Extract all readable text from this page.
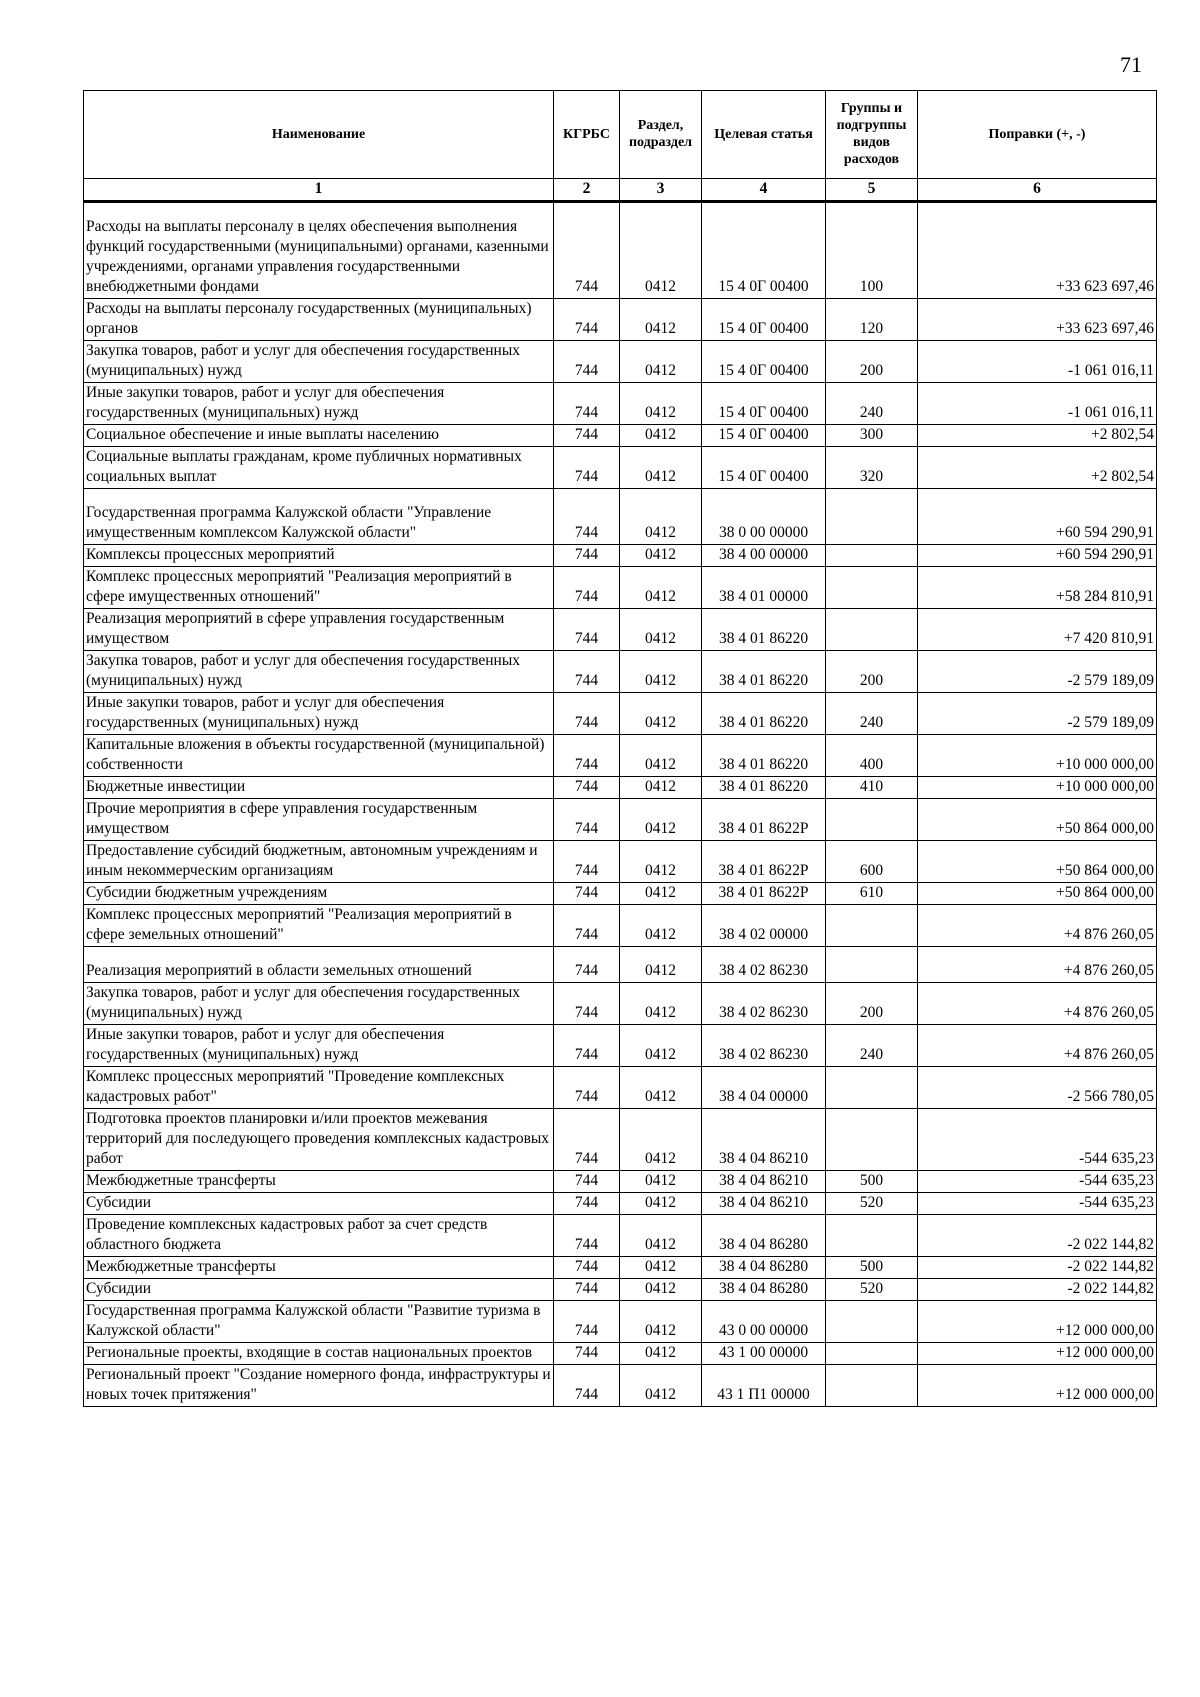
71
Наименование	КГРБС	Раздел, подраздел	Целевая статья	Группы и подгруппы видов расходов	Поправки (+, -)
1	2	3	4	5	6

Расходы на выплаты персоналу в целях обеспечения выполнения функций государственными (муниципальными) органами, казенными учреждениями, органами управления государственными внебюджетными фондами	744	0412	15 4 0Г 00400	100	+33 623 697,46
Расходы на выплаты персоналу государственных (муниципальных) органов	744	0412	15 4 0Г 00400	120	+33 623 697,46
Закупка товаров, работ и услуг для обеспечения государственных (муниципальных) нужд	744	0412	15 4 0Г 00400	200	-1 061 016,11
Иные закупки товаров, работ и услуг для обеспечения государственных (муниципальных) нужд	744	0412	15 4 0Г 00400	240	-1 061 016,11
Социальное обеспечение и иные выплаты населению	744	0412	15 4 0Г 00400	300	+2 802,54
Социальные выплаты гражданам, кроме публичных нормативных социальных выплат	744	0412	15 4 0Г 00400	320	+2 802,54

Государственная программа Калужской области "Управление имущественным комплексом Калужской области"	744	0412	38 0 00 00000		+60 594 290,91
Комплексы процессных мероприятий	744	0412	38 4 00 00000		+60 594 290,91
Комплекс процессных мероприятий "Реализация мероприятий в сфере имущественных отношений"	744	0412	38 4 01 00000		+58 284 810,91
Реализация мероприятий в сфере управления государственным имуществом	744	0412	38 4 01 86220		+7 420 810,91
Закупка товаров, работ и услуг для обеспечения государственных (муниципальных) нужд	744	0412	38 4 01 86220	200	-2 579 189,09
Иные закупки товаров, работ и услуг для обеспечения государственных (муниципальных) нужд	744	0412	38 4 01 86220	240	-2 579 189,09
Капитальные вложения в объекты государственной (муниципальной) собственности	744	0412	38 4 01 86220	400	+10 000 000,00
Бюджетные инвестиции	744	0412	38 4 01 86220	410	+10 000 000,00
Прочие мероприятия в сфере управления государственным имуществом	744	0412	38 4 01 8622Р		+50 864 000,00
Предоставление субсидий бюджетным, автономным учреждениям и иным некоммерческим организациям	744	0412	38 4 01 8622Р	600	+50 864 000,00
Субсидии бюджетным учреждениям	744	0412	38 4 01 8622Р	610	+50 864 000,00
Комплекс процессных мероприятий "Реализация мероприятий в сфере земельных отношений"	744	0412	38 4 02 00000		+4 876 260,05

Реализация мероприятий в области земельных отношений	744	0412	38 4 02 86230		+4 876 260,05
Закупка товаров, работ и услуг для обеспечения государственных (муниципальных) нужд	744	0412	38 4 02 86230	200	+4 876 260,05
Иные закупки товаров, работ и услуг для обеспечения государственных (муниципальных) нужд	744	0412	38 4 02 86230	240	+4 876 260,05
Комплекс процессных мероприятий "Проведение комплексных кадастровых работ"	744	0412	38 4 04 00000		-2 566 780,05
Подготовка проектов планировки и/или проектов межевания территорий для последующего проведения комплексных кадастровых работ	744	0412	38 4 04 86210		-544 635,23
Межбюджетные трансферты	744	0412	38 4 04 86210	500	-544 635,23
Субсидии	744	0412	38 4 04 86210	520	-544 635,23
Проведение комплексных кадастровых работ за счет средств областного бюджета	744	0412	38 4 04 86280		-2 022 144,82
Межбюджетные трансферты	744	0412	38 4 04 86280	500	-2 022 144,82
Субсидии	744	0412	38 4 04 86280	520	-2 022 144,82
Государственная программа Калужской области "Развитие туризма в Калужской области"	744	0412	43 0 00 00000		+12 000 000,00
Региональные проекты, входящие в состав национальных проектов	744	0412	43 1 00 00000		+12 000 000,00
Региональный проект "Создание номерного фонда, инфраструктуры и новых точек притяжения"	744	0412	43 1 П1 00000		+12 000 000,00
